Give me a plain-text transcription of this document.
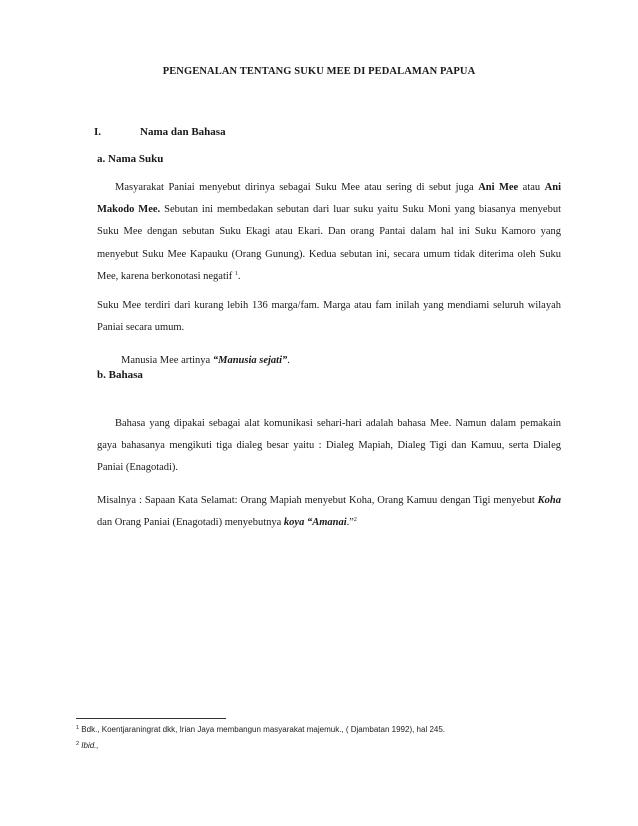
PENGENALAN TENTANG SUKU MEE DI PEDALAMAN PAPUA
I.	Nama dan Bahasa
a. Nama Suku

Masyarakat Paniai menyebut dirinya sebagai Suku Mee atau sering di sebut juga Ani Mee atau Ani Makodo Mee. Sebutan ini membedakan sebutan dari luar suku yaitu Suku Moni yang biasanya menyebut Suku Mee dengan sebutan Suku Ekagi atau Ekari. Dan orang Pantai dalam hal ini Suku Kamoro yang menyebut Suku Mee Kapauku (Orang Gunung). Kedua sebutan ini, secara umum tidak diterima oleh Suku Mee, karena berkonotasi negatif $^1$.

Suku Mee terdiri dari kurang lebih 136 marga/fam. Marga atau fam inilah yang mendiami seluruh wilayah Paniai secara umum.

Manusia Mee artinya “Manusia sejati”.

b. Bahasa

Bahasa yang dipakai sebagai alat komunikasi sehari-hari adalah bahasa Mee. Namun dalam pemakain gaya bahasanya mengikuti tiga dialeg besar yaitu : Dialeg Mapiah, Dialeg Tigi dan Kamuu, serta Dialeg Paniai (Enagotadi).

Misalnya : Sapaan Kata Selamat: Orang Mapiah menyebut Koha, Orang Kamuu dengan Tigi menyebut Koha dan Orang Paniai (Enagotadi) menyebutnya koya “Amanai.”$^2$

$^1$ Bdk., Koentjaraningrat dkk, Irian Jaya membangun masyarakat majemuk., ( Djambatan 1992), hal 245.
$^2$ Ibid.,
